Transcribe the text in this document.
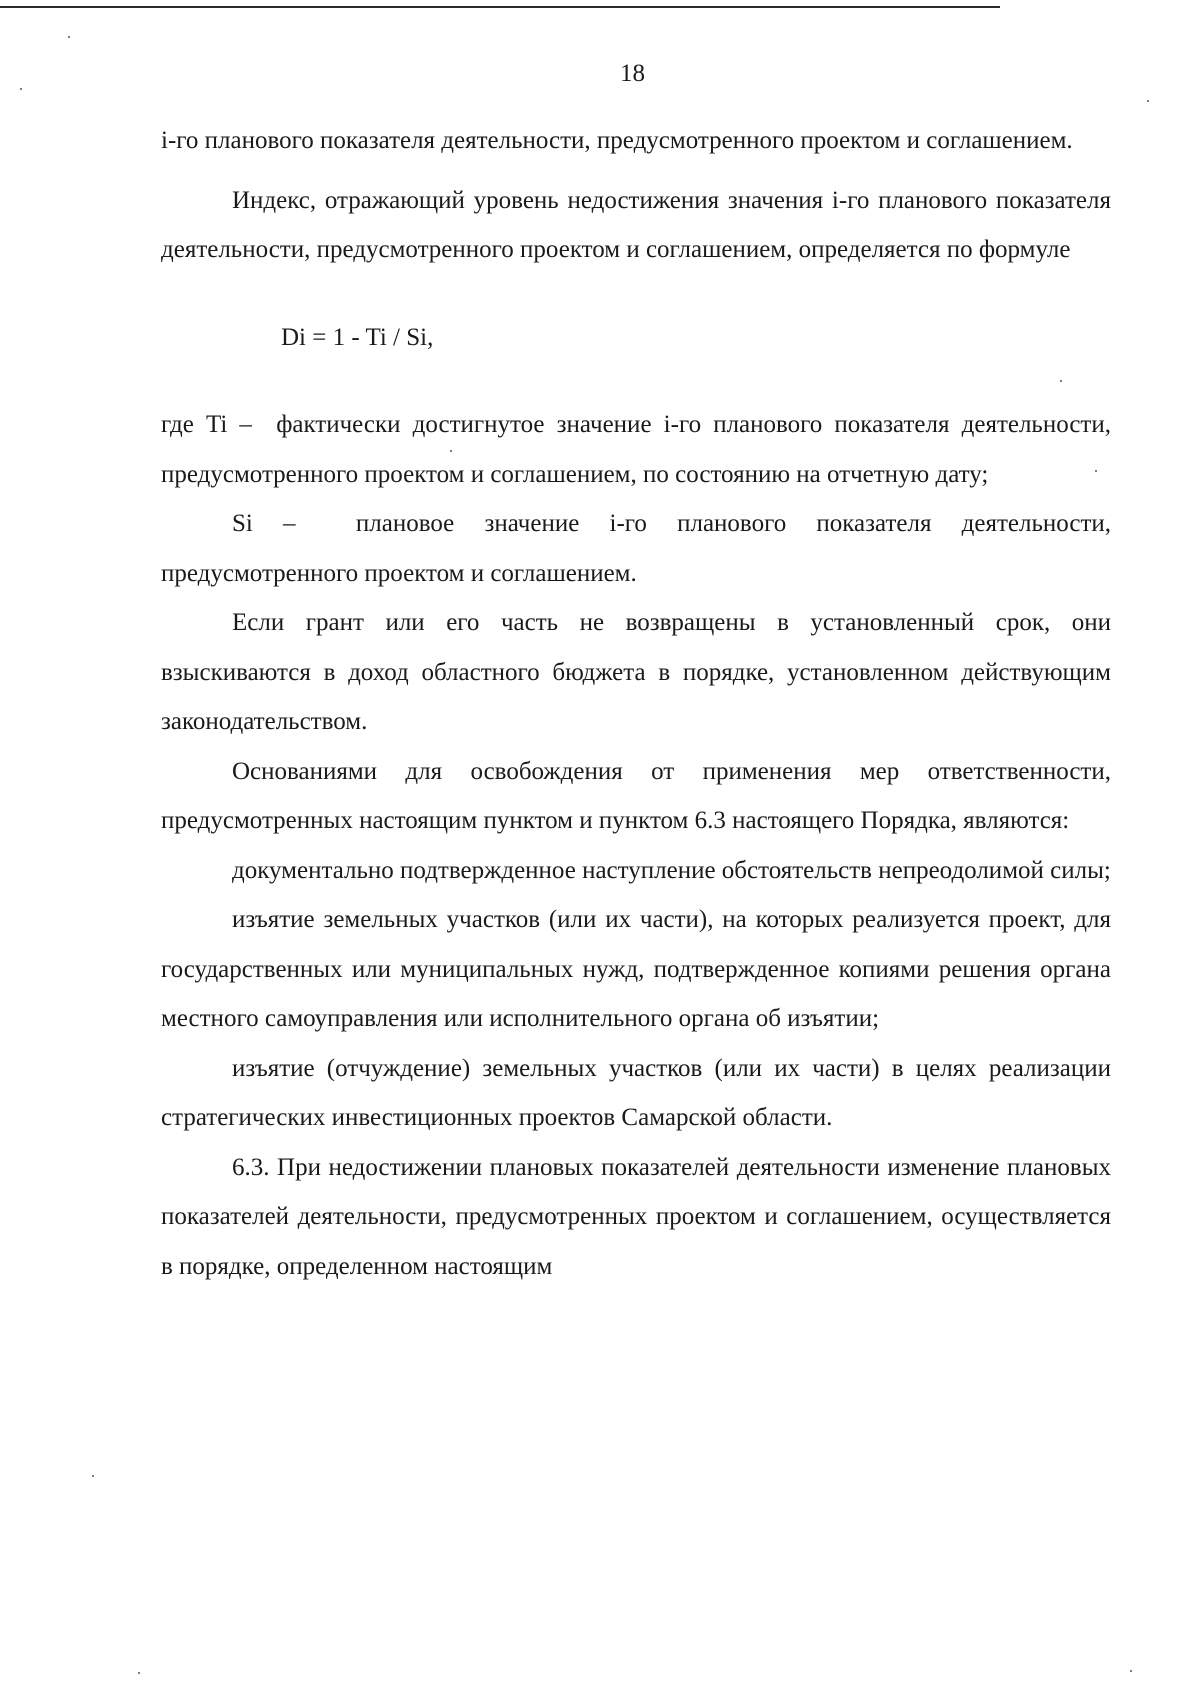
18

i-го планового показателя деятельности, предусмотренного проектом и соглашением.

Индекс, отражающий уровень недостижения значения i-го планового показателя деятельности, предусмотренного проектом и соглашением, определяется по формуле

Di = 1 - Ti / Si,

где Ti –  фактически достигнутое значение i-го планового показателя деятельности, предусмотренного проектом и соглашением, по состоянию на отчетную дату;

Si –  плановое значение i-го планового показателя деятельности, предусмотренного проектом и соглашением.

Если грант или его часть не возвращены в установленный срок, они взыскиваются в доход областного бюджета в порядке, установленном действующим законодательством.

Основаниями для освобождения от применения мер ответственности, предусмотренных настоящим пунктом и пунктом 6.3 настоящего Порядка, являются:

документально подтвержденное наступление обстоятельств непреодолимой силы;

изъятие земельных участков (или их части), на которых реализуется проект, для государственных или муниципальных нужд, подтвержденное копиями решения органа местного самоуправления или исполнительного органа об изъятии;

изъятие (отчуждение) земельных участков (или их части) в целях реализации стратегических инвестиционных проектов Самарской области.

6.3. При недостижении плановых показателей деятельности изменение плановых показателей деятельности, предусмотренных проектом и соглашением, осуществляется в порядке, определенном настоящим
